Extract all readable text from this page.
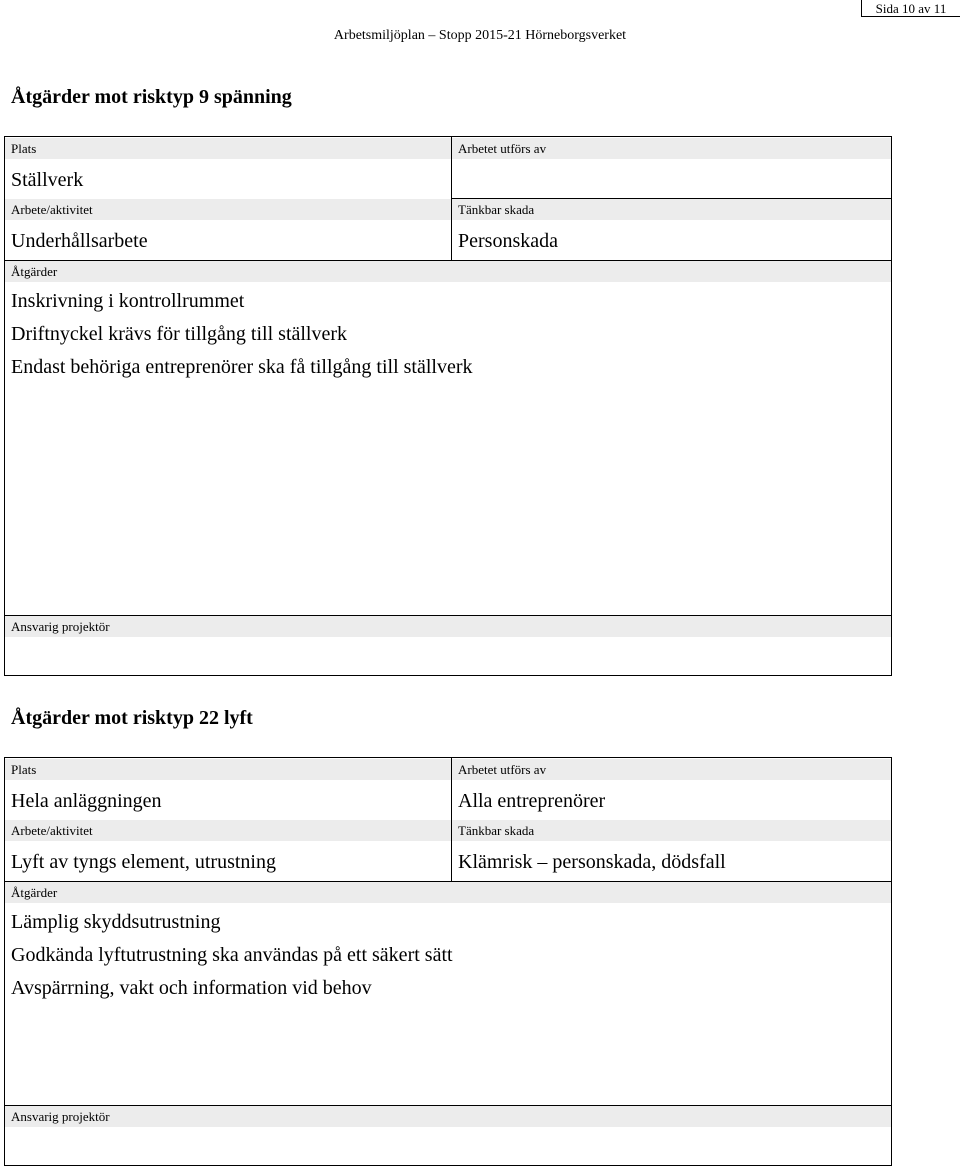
Sida 10 av 11
Arbetsmiljöplan – Stopp 2015-21 Hörneborgsverket
Åtgärder mot risktyp 9 spänning
Plats
Ställverk
Arbete/aktivitet
Underhållsarbete
Arbetet utförs av
Tänkbar skada
Personskada
Åtgärder
Inskrivning i kontrollrummet
Driftnyckel krävs för tillgång till ställverk
Endast behöriga entreprenörer ska få tillgång till ställverk
Ansvarig projektör
Åtgärder mot risktyp 22 lyft
Plats
Hela anläggningen
Arbete/aktivitet
Lyft av tyngs element, utrustning
Arbetet utförs av
Alla entreprenörer
Tänkbar skada
Klämrisk – personskada, dödsfall
Åtgärder
Lämplig skyddsutrustning
Godkända lyftutrustning ska användas på ett säkert sätt
Avspärrning, vakt och information vid behov
Ansvarig projektör
